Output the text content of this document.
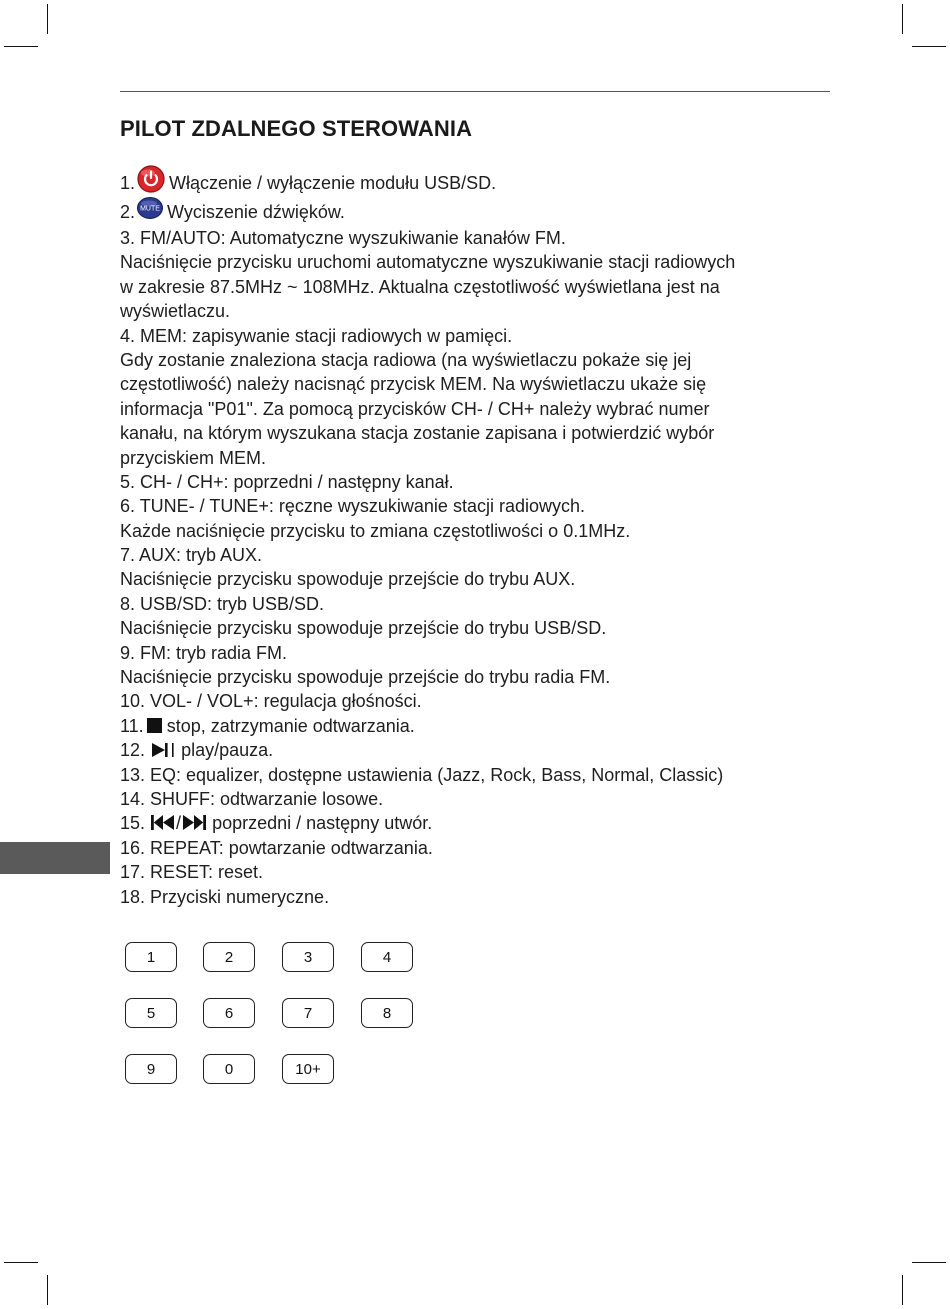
PILOT ZDALNEGO STEROWANIA
1. Włączenie / wyłączenie modułu USB/SD.
2. MUTE Wyciszenie dźwięków.
3. FM/AUTO: Automatyczne wyszukiwanie kanałów FM.
Naciśnięcie przycisku uruchomi automatyczne wyszukiwanie stacji radiowych
w zakresie 87.5MHz ~ 108MHz. Aktualna częstotliwość wyświetlana jest na
wyświetlaczu.
4. MEM: zapisywanie stacji radiowych w pamięci.
Gdy zostanie znaleziona stacja radiowa (na wyświetlaczu pokaże się jej
częstotliwość) należy nacisnąć przycisk MEM. Na wyświetlaczu ukaże się
informacja "P01". Za pomocą przycisków CH- / CH+ należy wybrać numer
kanału, na którym wyszukana stacja zostanie zapisana i potwierdzić wybór
przyciskiem MEM.
5. CH- / CH+: poprzedni / następny kanał.
6. TUNE- / TUNE+: ręczne wyszukiwanie stacji radiowych.
Każde naciśnięcie przycisku to zmiana częstotliwości o 0.1MHz.
7. AUX: tryb AUX.
Naciśnięcie przycisku spowoduje przejście do trybu AUX.
8. USB/SD: tryb USB/SD.
Naciśnięcie przycisku spowoduje przejście do trybu USB/SD.
9. FM: tryb radia FM.
Naciśnięcie przycisku spowoduje przejście do trybu radia FM.
10. VOL- / VOL+: regulacja głośności.
11. stop, zatrzymanie odtwarzania.
12. play/pauza.
13. EQ: equalizer, dostępne ustawienia (Jazz, Rock, Bass, Normal, Classic)
14. SHUFF: odtwarzanie losowe.
15. / poprzedni / następny utwór.
16. REPEAT: powtarzanie odtwarzania.
17. RESET: reset.
18. Przyciski numeryczne.
1	2	3	4
5	6	7	8
9	0	10+
